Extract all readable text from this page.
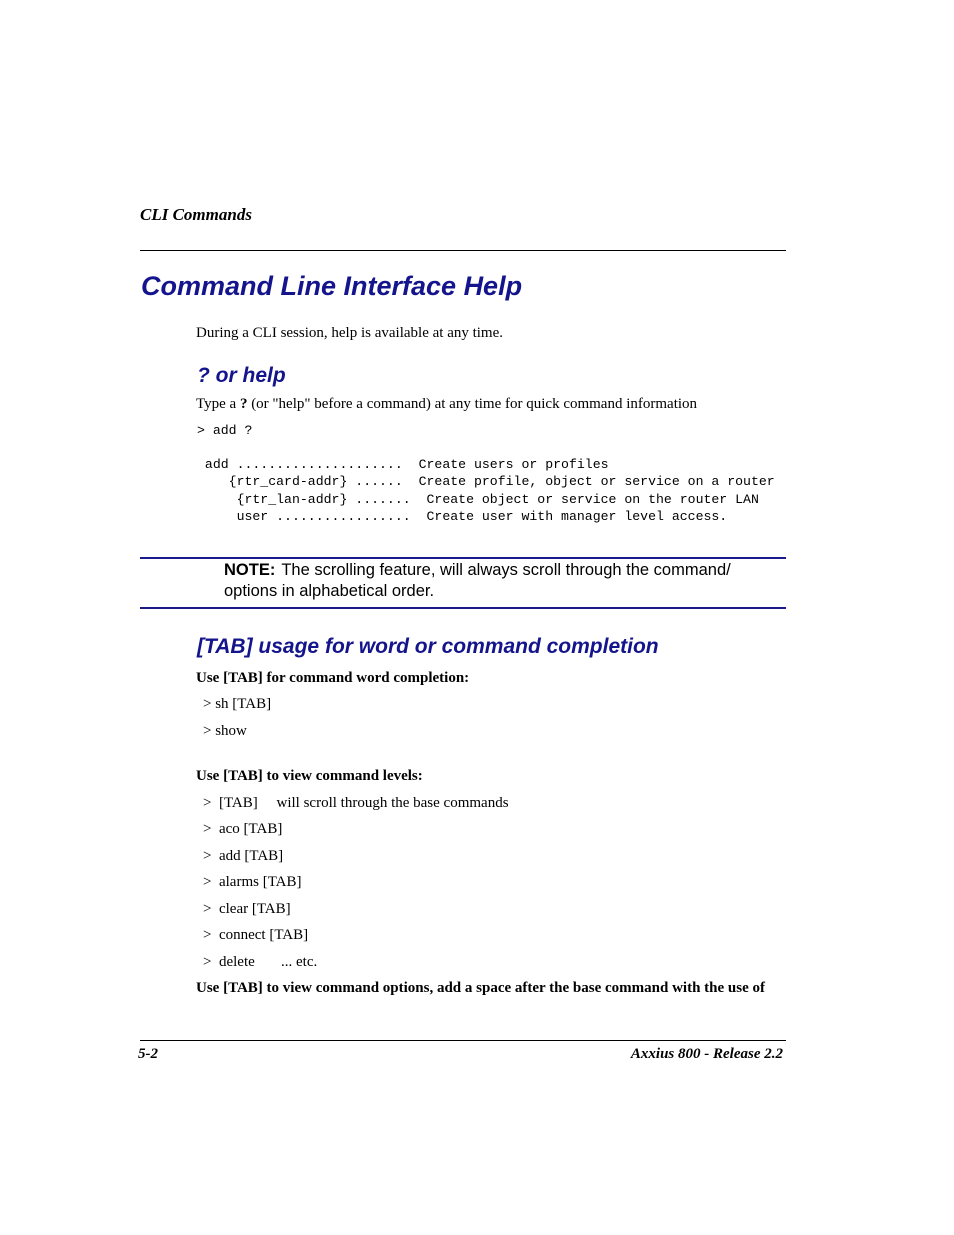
CLI Commands
Command Line Interface Help
During a CLI session, help is available at any time.
? or help
Type a ? (or "help" before a command) at any time for quick command information
> add ?
add .....................  Create users or profiles
{rtr_card-addr} ......  Create profile, object or service on a router
{rtr_lan-addr} .......  Create object or service on the router LAN
user .................  Create user with manager level access.
NOTE: The scrolling feature, will always scroll through the command/ options in alphabetical order.
[TAB] usage for word or command completion
Use [TAB] for command word completion:
> sh [TAB]
> show
Use [TAB] to view command levels:
>  [TAB]     will scroll through the base commands
>  aco [TAB]
>  add [TAB]
>  alarms [TAB]
>  clear [TAB]
>  connect [TAB]
>  delete       ... etc.
Use [TAB] to view command options, add a space after the base command with the use of
5-2	Axxius 800 - Release 2.2
